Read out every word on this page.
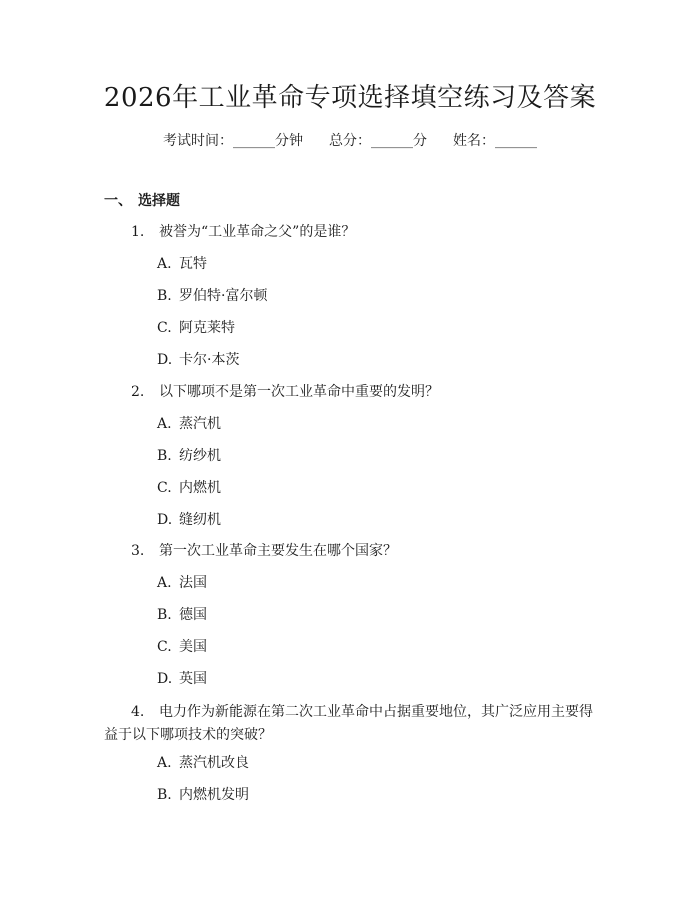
2026年工业革命专项选择填空练习及答案
考试时间：______分钟 总分：______分 姓名：______
一、 选择题
1. 被誉为“工业革命之父”的是谁？
A. 瓦特
B. 罗伯特·富尔顿
C. 阿克莱特
D. 卡尔·本茨
2. 以下哪项不是第一次工业革命中重要的发明？
A. 蒸汽机
B. 纺纱机
C. 内燃机
D. 缝纫机
3. 第一次工业革命主要发生在哪个国家？
A. 法国
B. 德国
C. 美国
D. 英国
4. 电力作为新能源在第二次工业革命中占据重要地位，其广泛应用主要得益于以下哪项技术的突破？
A. 蒸汽机改良
B. 内燃机发明
